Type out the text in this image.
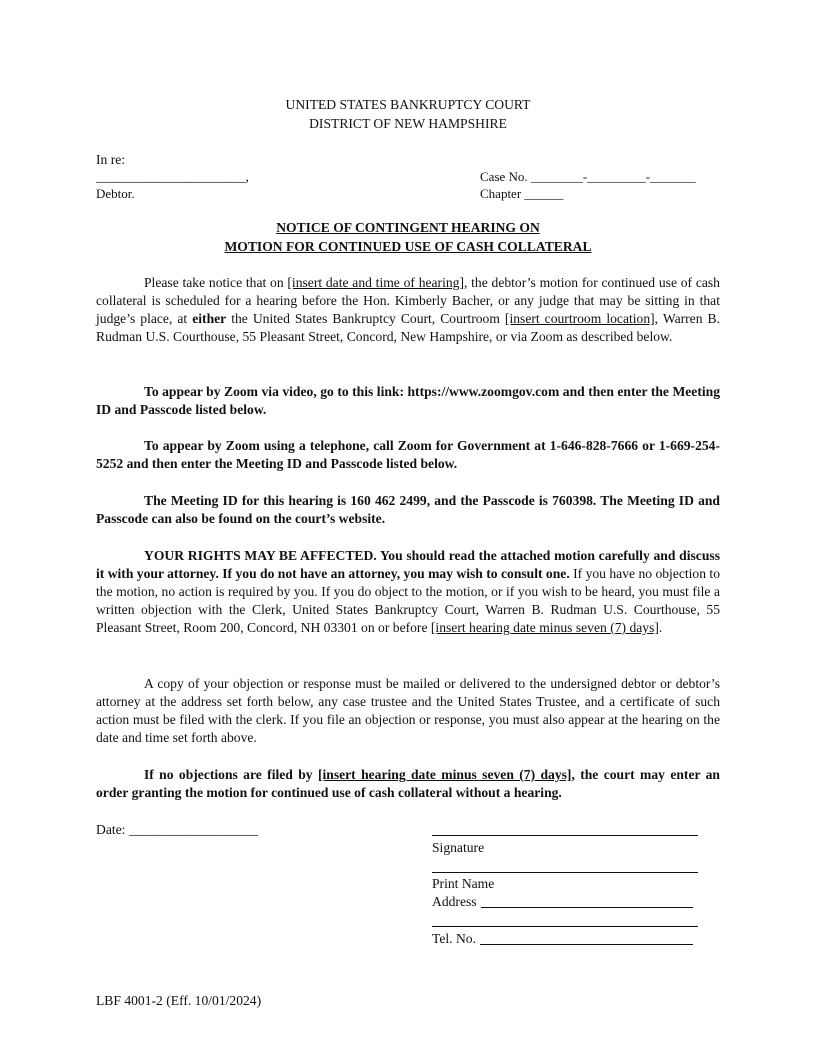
UNITED STATES BANKRUPTCY COURT
DISTRICT OF NEW HAMPSHIRE
In re:
______________________,
Debtor.
Case No. ________-_________-_______
Chapter ______
NOTICE OF CONTINGENT HEARING ON
MOTION FOR CONTINUED USE OF CASH COLLATERAL

Please take notice that on [insert date and time of hearing], the debtor’s motion for continued use of cash collateral is scheduled for a hearing before the Hon. Kimberly Bacher, or any judge that may be sitting in that judge’s place, at either the United States Bankruptcy Court, Courtroom [insert courtroom location], Warren B. Rudman U.S. Courthouse, 55 Pleasant Street, Concord, New Hampshire, or via Zoom as described below.

To appear by Zoom via video, go to this link: https://www.zoomgov.com and then enter the Meeting ID and Passcode listed below.

To appear by Zoom using a telephone, call Zoom for Government at 1-646-828-7666 or 1-669-254-5252 and then enter the Meeting ID and Passcode listed below.

The Meeting ID for this hearing is 160 462 2499, and the Passcode is 760398. The Meeting ID and Passcode can also be found on the court’s website.

YOUR RIGHTS MAY BE AFFECTED. You should read the attached motion carefully and discuss it with your attorney. If you do not have an attorney, you may wish to consult one. If you have no objection to the motion, no action is required by you. If you do object to the motion, or if you wish to be heard, you must file a written objection with the Clerk, United States Bankruptcy Court, Warren B. Rudman U.S. Courthouse, 55 Pleasant Street, Room 200, Concord, NH 03301 on or before [insert hearing date minus seven (7) days].

A copy of your objection or response must be mailed or delivered to the undersigned debtor or debtor’s attorney at the address set forth below, any case trustee and the United States Trustee, and a certificate of such action must be filed with the clerk. If you file an objection or response, you must also appear at the hearing on the date and time set forth above.

If no objections are filed by [insert hearing date minus seven (7) days], the court may enter an order granting the motion for continued use of cash collateral without a hearing.

Date: ___________________
Signature
Print Name
Address
Tel. No.
LBF 4001-2 (Eff. 10/01/2024)
